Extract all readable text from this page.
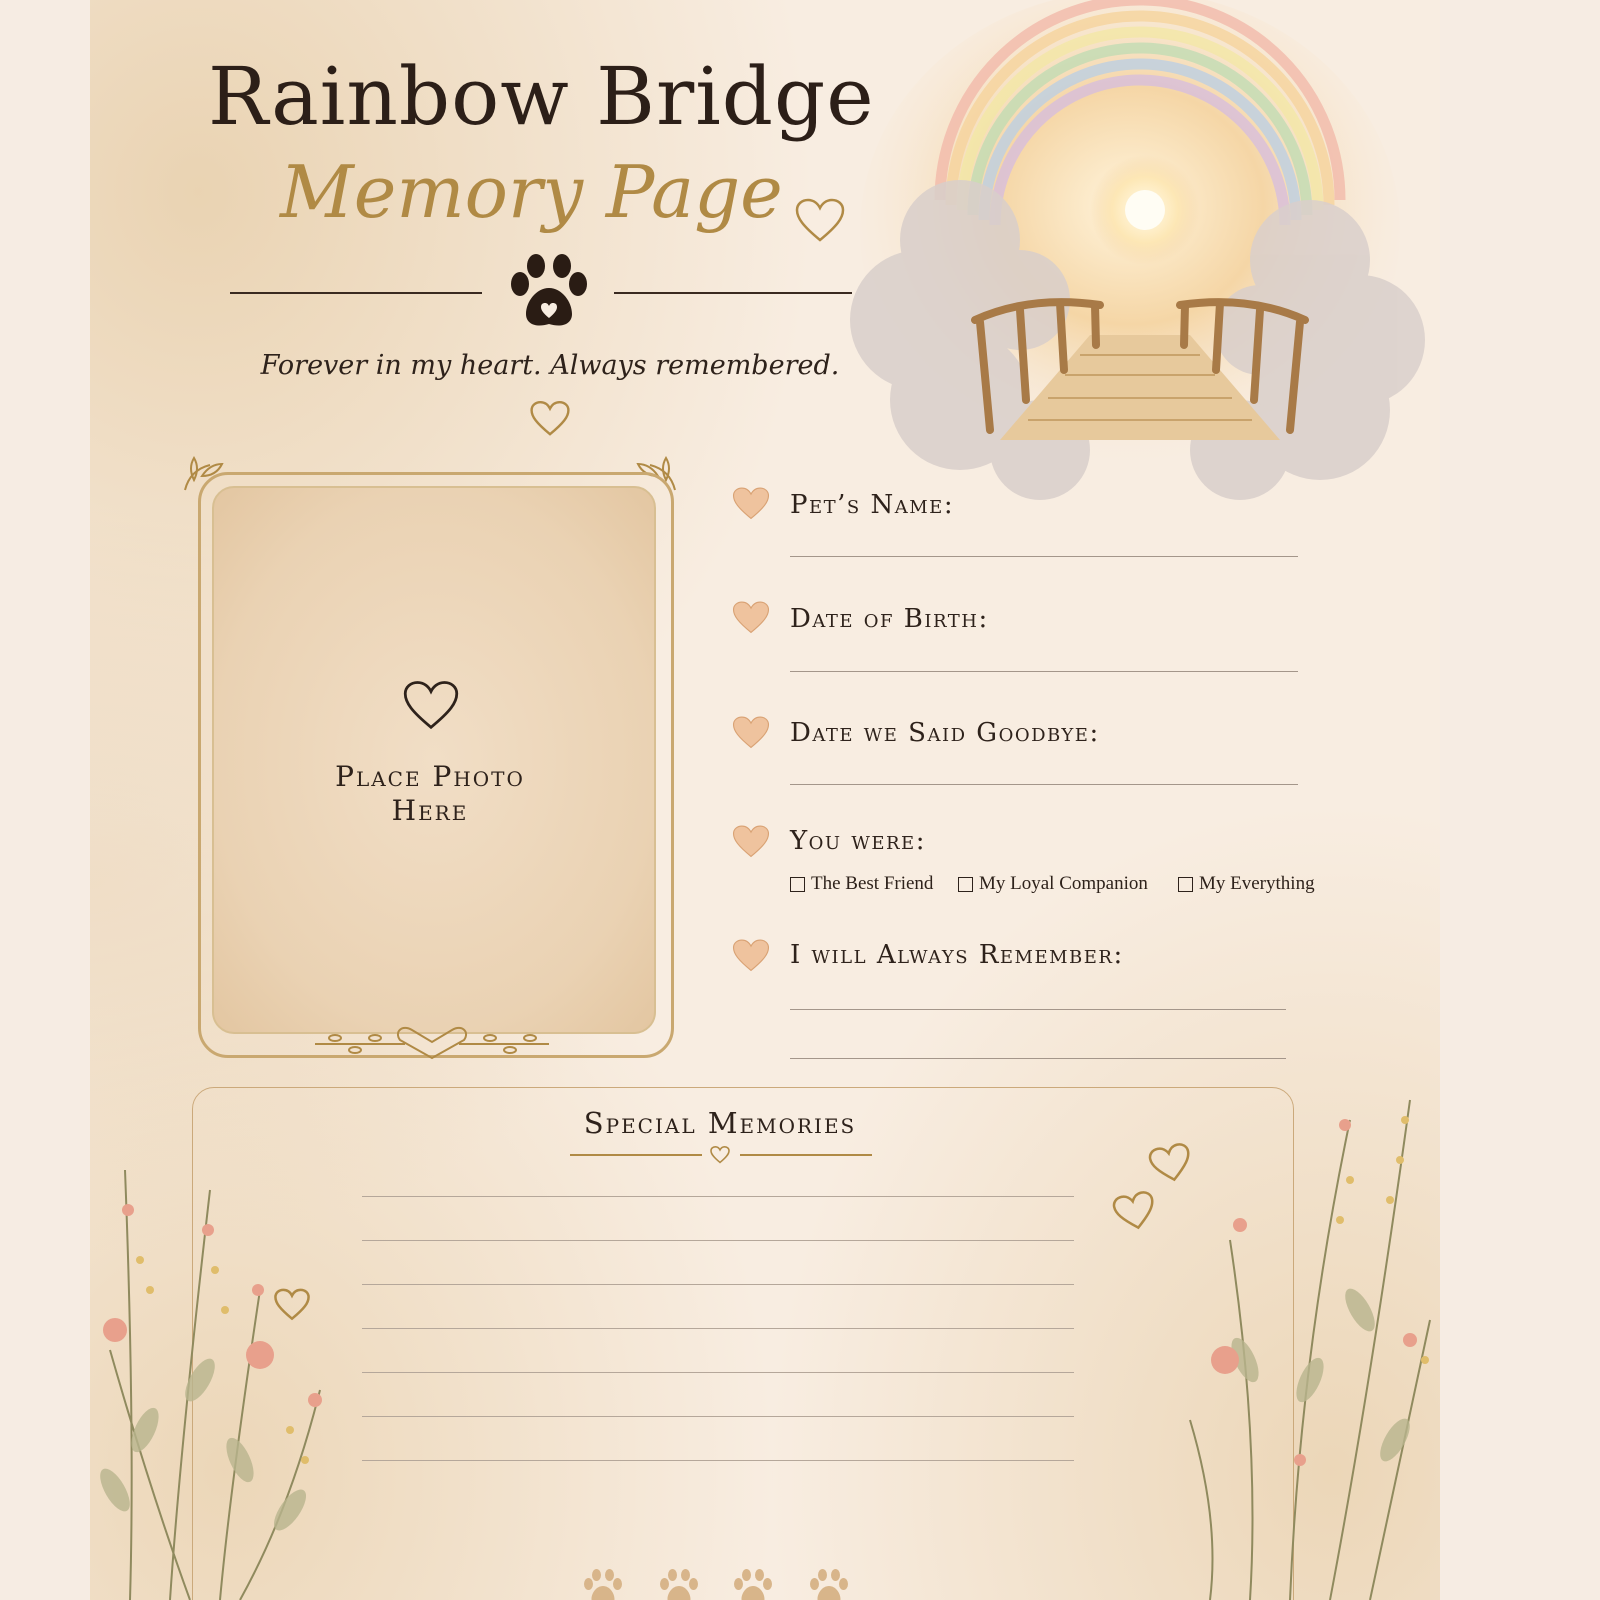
Rainbow Bridge
Memory Page
Forever in my heart. Always remembered.
Place Photo
Here
Pet’s Name:
Date of Birth:
Date we Said Goodbye:
You were:
The Best Friend My Loyal Companion	My Everything
I will Always Remember:
Special Memories
